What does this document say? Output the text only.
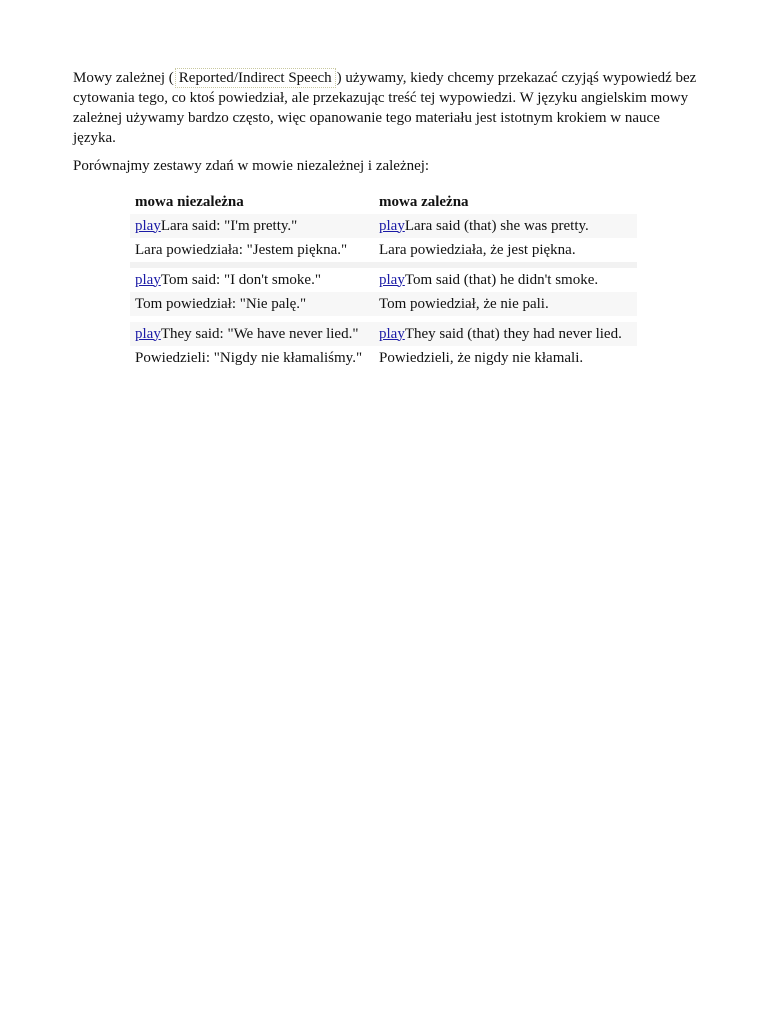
Mowy zależnej ( Reported/Indirect Speech ) używamy, kiedy chcemy przekazać czyjąś wypowiedź bez cytowania tego, co ktoś powiedział, ale przekazując treść tej wypowiedzi. W języku angielskim mowy zależnej używamy bardzo często, więc opanowanie tego materiału jest istotnym krokiem w nauce języka.

Porównajmy zestawy zdań w mowie niezależnej i zależnej:

mowa niezależna	mowa zależna
playLara said: "I'm pretty."	playLara said (that) she was pretty.
Lara powiedziała: "Jestem piękna."	Lara powiedziała, że jest piękna.

playTom said: "I don't smoke."	playTom said (that) he didn't smoke.
Tom powiedział: "Nie palę."	Tom powiedział, że nie pali.

playThey said: "We have never lied."	playThey said (that) they had never lied.
Powiedzieli: "Nigdy nie kłamaliśmy."	Powiedzieli, że nigdy nie kłamali.
